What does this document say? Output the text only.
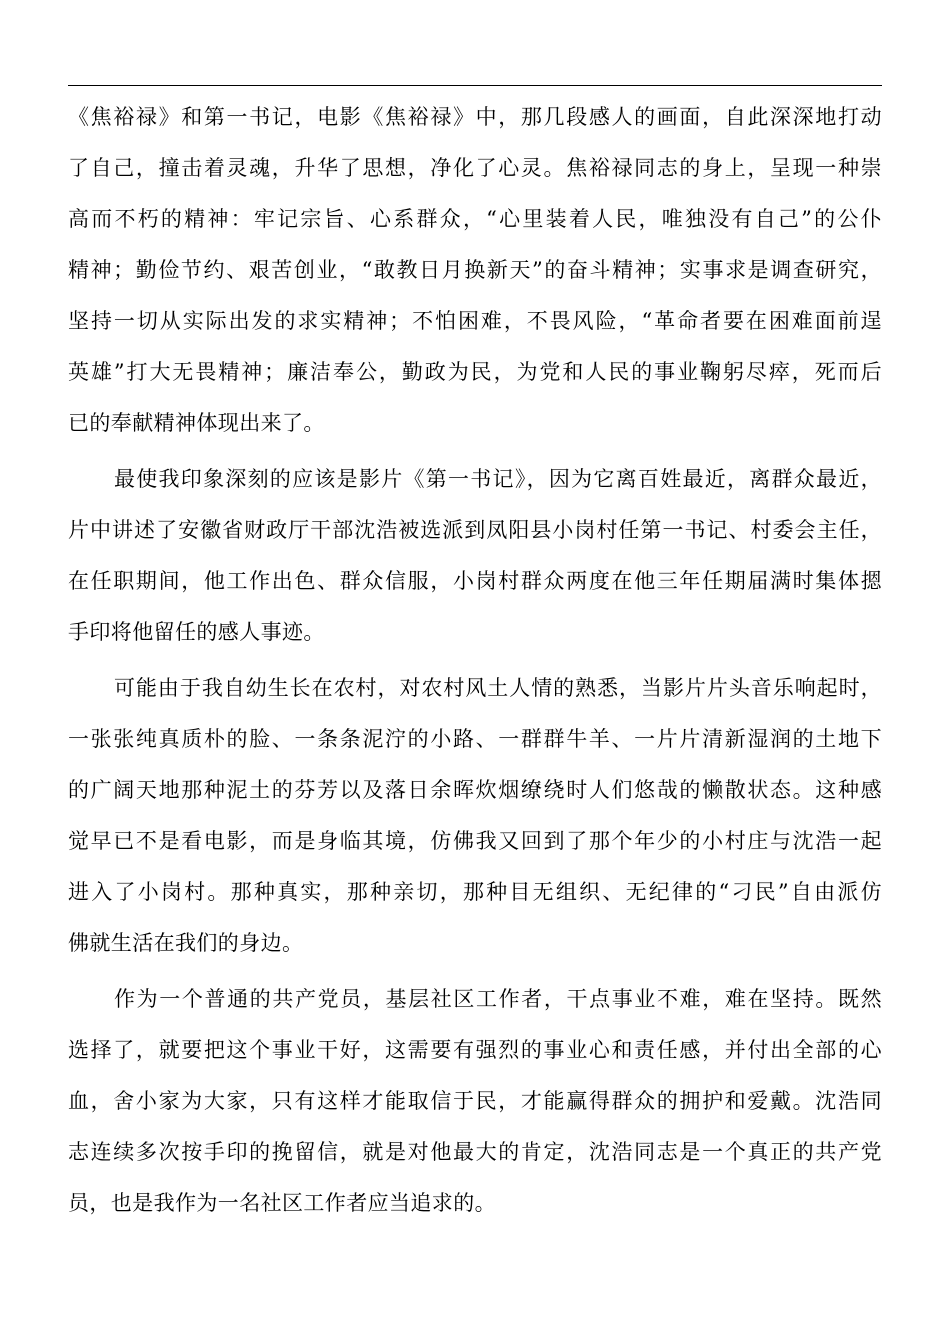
《焦裕禄》和第一书记，电影《焦裕禄》中，那几段感人的画面，自此深深地打动
了自己，撞击着灵魂，升华了思想，净化了心灵。焦裕禄同志的身上，呈现一种崇
高而不朽的精神：牢记宗旨、心系群众，“心里装着人民，唯独没有自己”的公仆
精神；勤俭节约、艰苦创业，“敢教日月换新天”的奋斗精神；实事求是调查研究，
坚持一切从实际出发的求实精神；不怕困难，不畏风险，“革命者要在困难面前逞
英雄”打大无畏精神；廉洁奉公，勤政为民，为党和人民的事业鞠躬尽瘁，死而后
已的奉献精神体现出来了。
最使我印象深刻的应该是影片《第一书记》，因为它离百姓最近，离群众最近，
片中讲述了安徽省财政厅干部沈浩被选派到凤阳县小岗村任第一书记、村委会主任，
在任职期间，他工作出色、群众信服，小岗村群众两度在他三年任期届满时集体摁
手印将他留任的感人事迹。
可能由于我自幼生长在农村，对农村风土人情的熟悉，当影片片头音乐响起时，
一张张纯真质朴的脸、一条条泥泞的小路、一群群牛羊、一片片清新湿润的土地下
的广阔天地那种泥土的芬芳以及落日余晖炊烟缭绕时人们悠哉的懒散状态。这种感
觉早已不是看电影，而是身临其境，仿佛我又回到了那个年少的小村庄与沈浩一起
进入了小岗村。那种真实，那种亲切，那种目无组织、无纪律的“刁民”自由派仿
佛就生活在我们的身边。
作为一个普通的共产党员，基层社区工作者，干点事业不难，难在坚持。既然
选择了，就要把这个事业干好，这需要有强烈的事业心和责任感，并付出全部的心
血，舍小家为大家，只有这样才能取信于民，才能赢得群众的拥护和爱戴。沈浩同
志连续多次按手印的挽留信，就是对他最大的肯定，沈浩同志是一个真正的共产党
员，也是我作为一名社区工作者应当追求的。
